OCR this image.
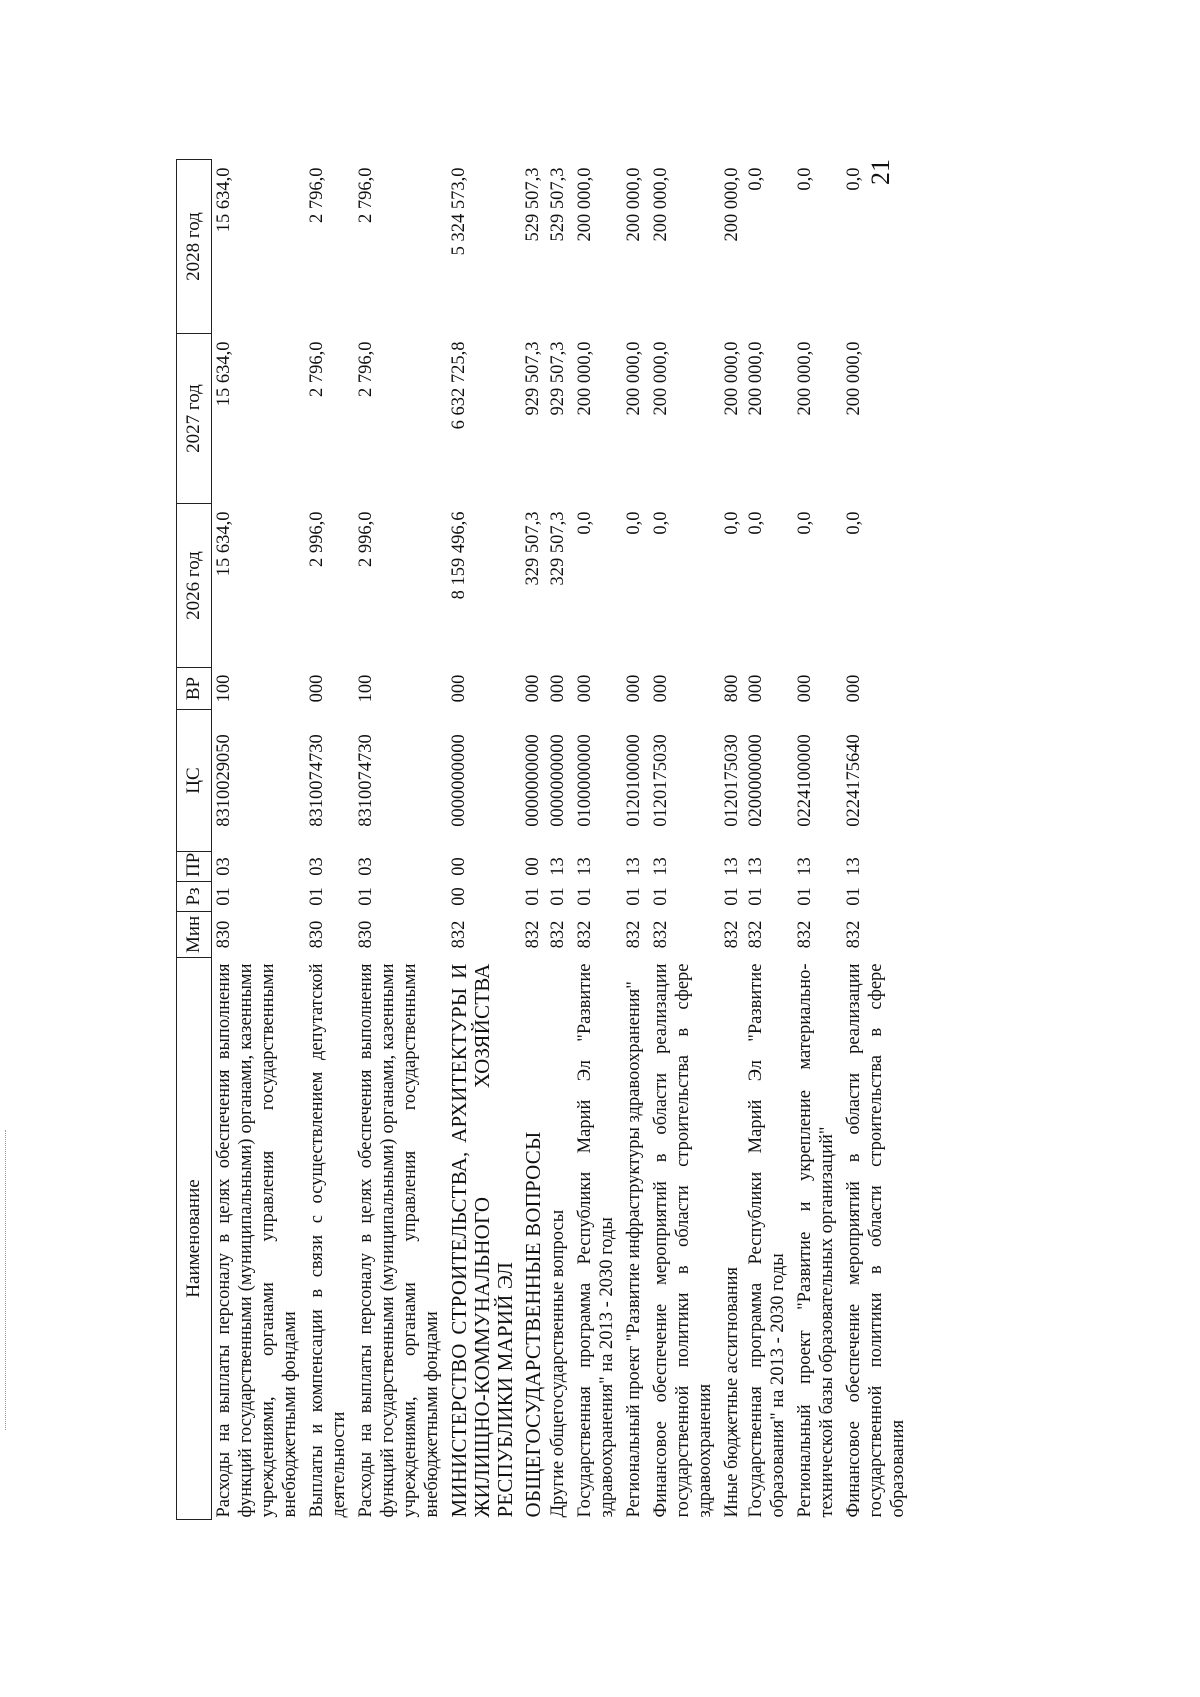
21
Наименование	Мин	Рз	ПР	ЦС	ВР	2026 год	2027 год	2028 год
Расходы на выплаты персоналу в целях обеспечения выполнения функций государственными (муниципальными) органами, казенными учреждениями, органами управления государственными внебюджетными фондами	830	01	03	8310029050	100	15 634,0	15 634,0	15 634,0
Выплаты и компенсации в связи с осуществлением депутатской деятельности	830	01	03	8310074730	000	2 996,0	2 796,0	2 796,0
Расходы на выплаты персоналу в целях обеспечения выполнения функций государственными (муниципальными) органами, казенными учреждениями, органами управления государственными внебюджетными фондами	830	01	03	8310074730	100	2 996,0	2 796,0	2 796,0
МИНИСТЕРСТВО СТРОИТЕЛЬСТВА, АРХИТЕКТУРЫ И ЖИЛИЩНО-КОММУНАЛЬНОГО ХОЗЯЙСТВА РЕСПУБЛИКИ МАРИЙ ЭЛ	832	00	00	0000000000	000	8 159 496,6	6 632 725,8	5 324 573,0
ОБЩЕГОСУДАРСТВЕННЫЕ ВОПРОСЫ	832	01	00	0000000000	000	329 507,3	929 507,3	529 507,3
Другие общегосударственные вопросы	832	01	13	0000000000	000	329 507,3	929 507,3	529 507,3
Государственная программа Республики Марий Эл "Развитие здравоохранения" на 2013 - 2030 годы	832	01	13	0100000000	000	0,0	200 000,0	200 000,0
Региональный проект "Развитие инфраструктуры здравоохранения"	832	01	13	0120100000	000	0,0	200 000,0	200 000,0
Финансовое обеспечение мероприятий в области реализации государственной политики в области строительства в сфере здравоохранения	832	01	13	0120175030	000	0,0	200 000,0	200 000,0
Иные бюджетные ассигнования	832	01	13	0120175030	800	0,0	200 000,0	200 000,0
Государственная программа Республики Марий Эл "Развитие образования" на 2013 - 2030 годы	832	01	13	0200000000	000	0,0	200 000,0	0,0
Региональный проект "Развитие и укрепление материально-технической базы образовательных организаций"	832	01	13	0224100000	000	0,0	200 000,0	0,0
Финансовое обеспечение мероприятий в области реализации государственной политики в области строительства в сфере образования	832	01	13	0224175640	000	0,0	200 000,0	0,0
